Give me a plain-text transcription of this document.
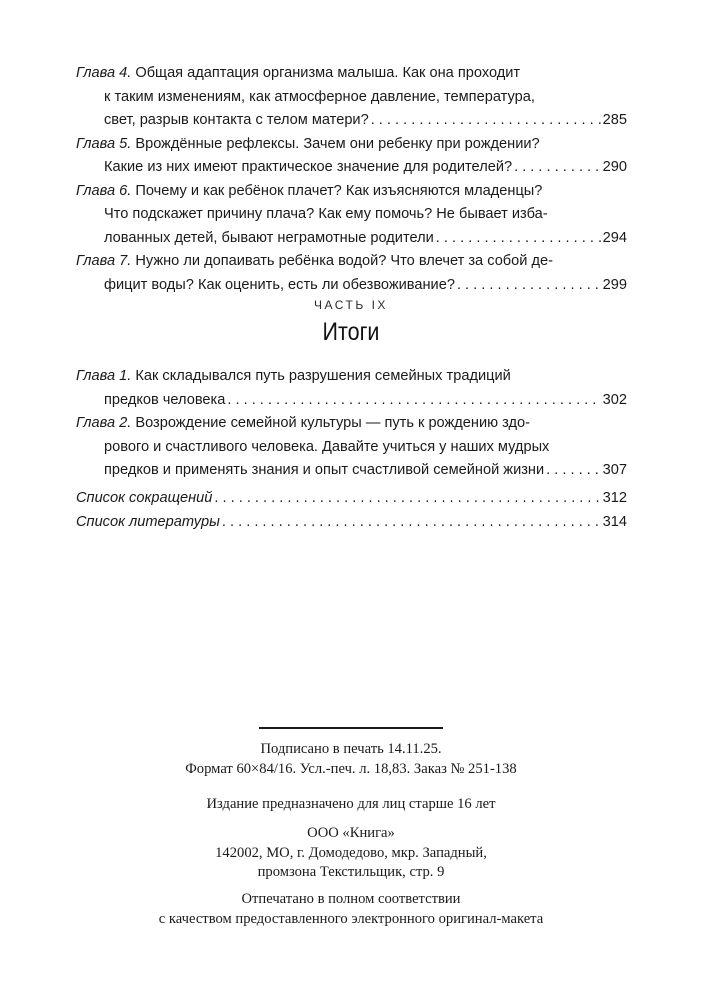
Глава 4. Общая адаптация организма малыша. Как она проходит
к таким изменениям, как атмосферное давление, температура,
свет, разрыв контакта с телом матери? . . .	285
Глава 5. Врождённые рефлексы. Зачем они ребенку при рождении?
Какие из них имеют практическое значение для родителей? . . .	290
Глава 6. Почему и как ребёнок плачет? Как изъясняются младенцы?
Что подскажет причину плача? Как ему помочь? Не бывает изба-
лованных детей, бывают неграмотные родители . . .	294
Глава 7. Нужно ли допаивать ребёнка водой? Что влечет за собой де-
фицит воды? Как оценить, есть ли обезвоживание? . . .	299
ЧАСТЬ IX
Итоги
Глава 1. Как складывался путь разрушения семейных традиций
предков человека . . .	302
Глава 2. Возрождение семейной культуры — путь к рождению здо-
рового и счастливого человека. Давайте учиться у наших мудрых
предков и применять знания и опыт счастливой семейной жизни . . .	307
Список сокращений . . .	312
Список литературы . . .	314
Подписано в печать 14.11.25.
Формат 60×84/16. Усл.-печ. л. 18,83. Заказ № 251-138
Издание предназначено для лиц старше 16 лет
ООО «Книга»
142002, МО, г. Домодедово, мкр. Западный,
промзона Текстильщик, стр. 9
Отпечатано в полном соответствии
с качеством предоставленного электронного оригинал-макета
